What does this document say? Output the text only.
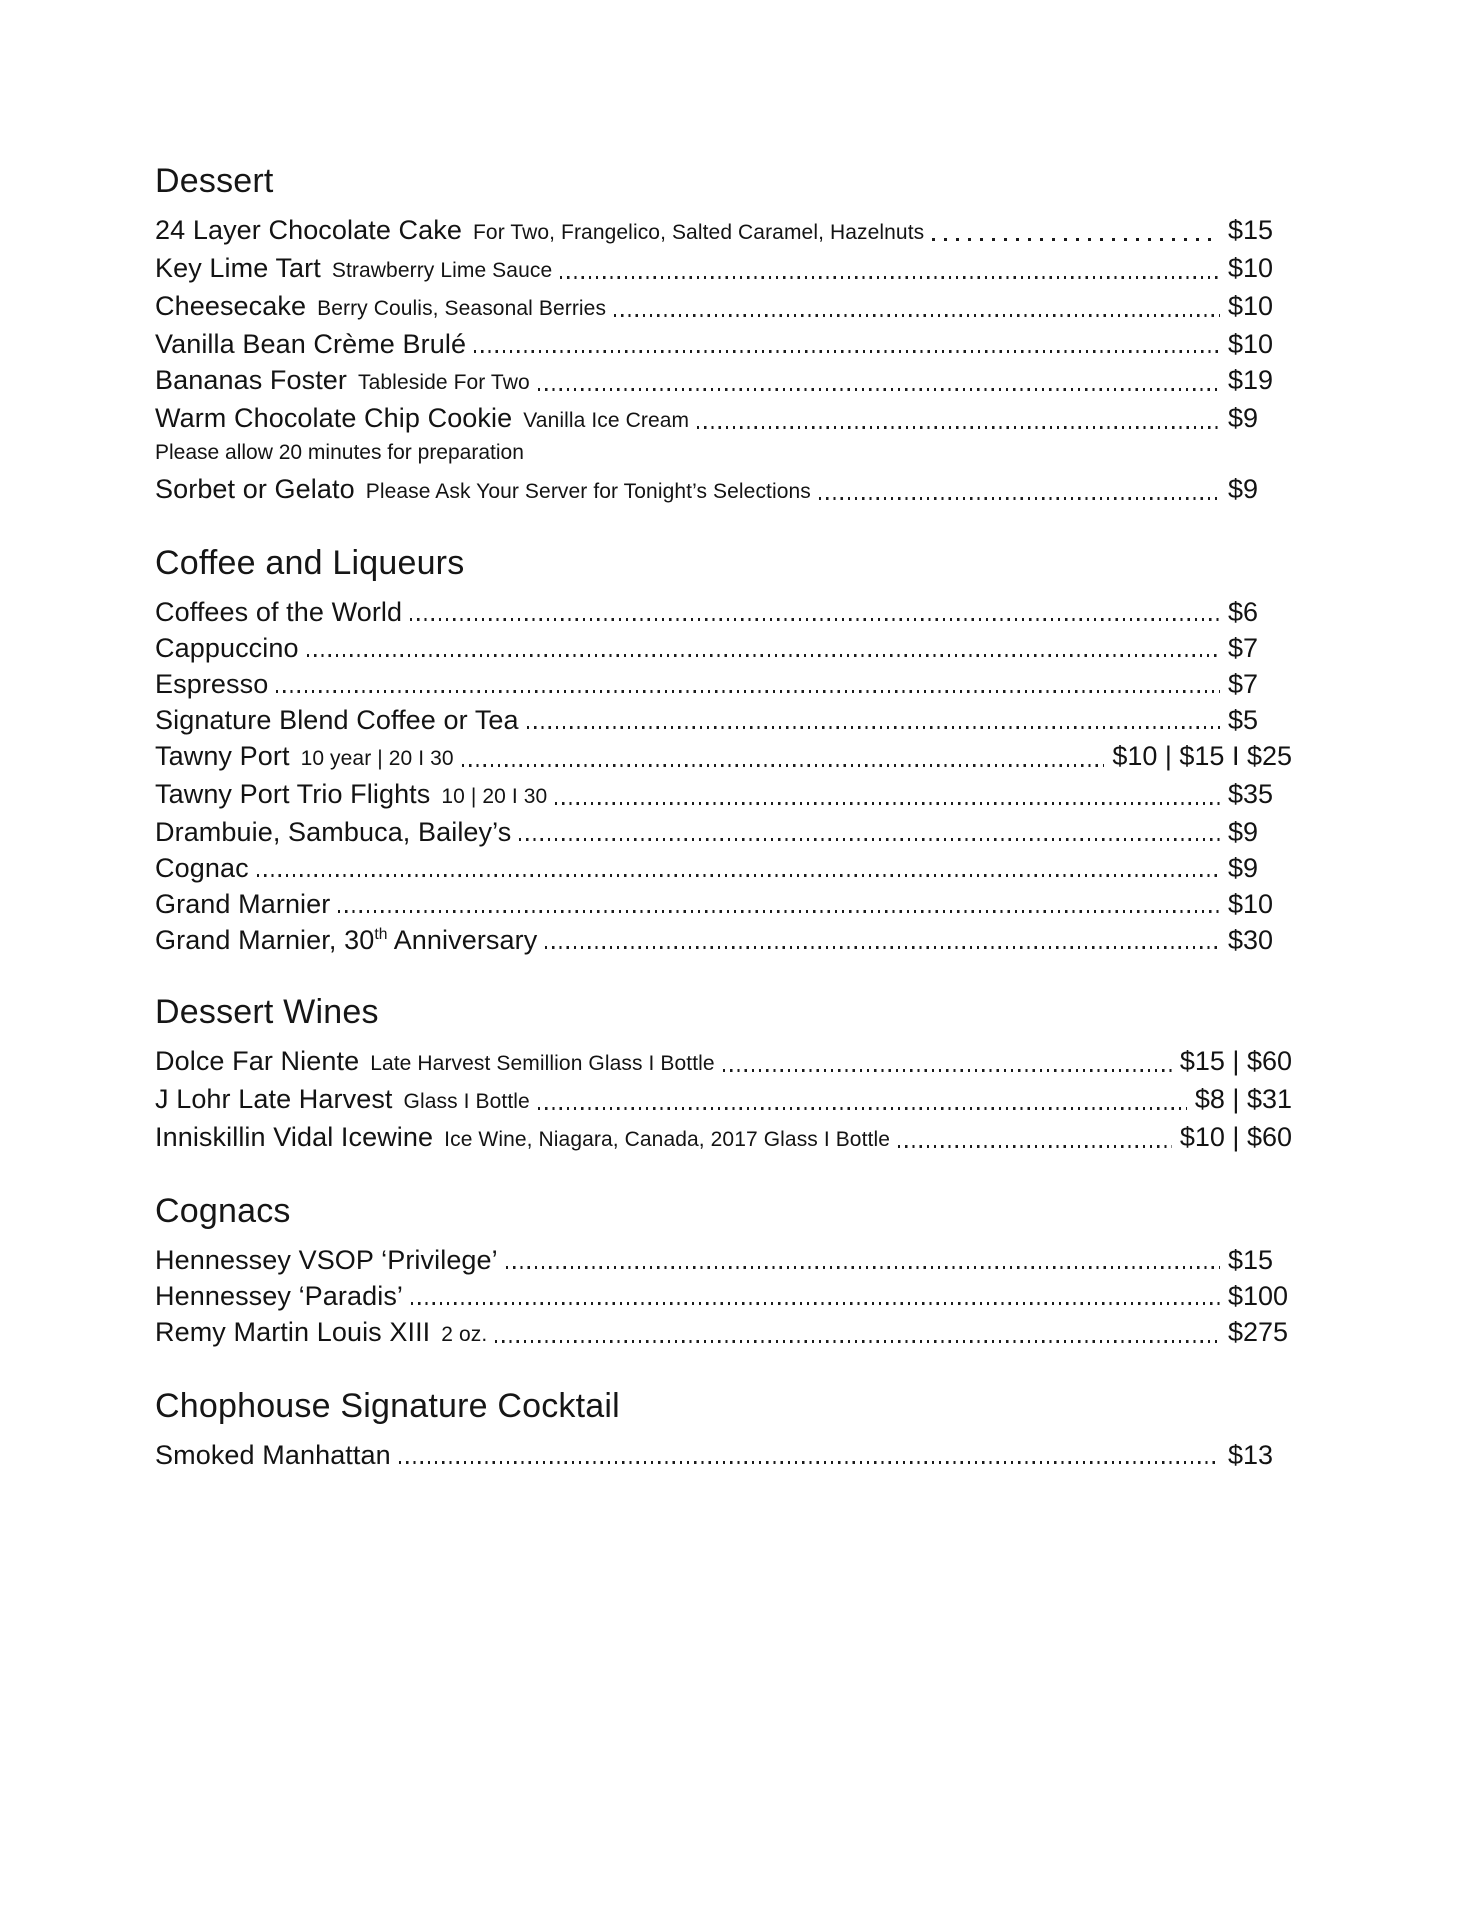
Dessert
24 Layer Chocolate Cake For Two, Frangelico, Salted Caramel, Hazelnuts	$15
Key Lime Tart Strawberry Lime Sauce	$10
Cheesecake Berry Coulis, Seasonal Berries	$10
Vanilla Bean Crème Brulé	$10
Bananas Foster Tableside For Two	$19
Warm Chocolate Chip Cookie Vanilla Ice Cream	$9
Please allow 20 minutes for preparation
Sorbet or Gelato Please Ask Your Server for Tonight’s Selections	$9
Coffee and Liqueurs
Coffees of the World	$6
Cappuccino	$7
Espresso	$7
Signature Blend Coffee or Tea	$5
Tawny Port 10 year | 20 I 30	$10 | $15 I $25
Tawny Port Trio Flights 10 | 20 I 30	$35
Drambuie, Sambuca, Bailey’s	$9
Cognac	$9
Grand Marnier	$10
Grand Marnier, 30th Anniversary	$30
Dessert Wines
Dolce Far Niente Late Harvest Semillion Glass I Bottle	$15 | $60
J Lohr Late Harvest Glass I Bottle	$8 | $31
Inniskillin Vidal Icewine Ice Wine, Niagara, Canada, 2017 Glass I Bottle	$10 | $60
Cognacs
Hennessey VSOP ‘Privilege’	$15
Hennessey ‘Paradis’	$100
Remy Martin Louis XIII 2 oz.	$275
Chophouse Signature Cocktail
Smoked Manhattan	$13
